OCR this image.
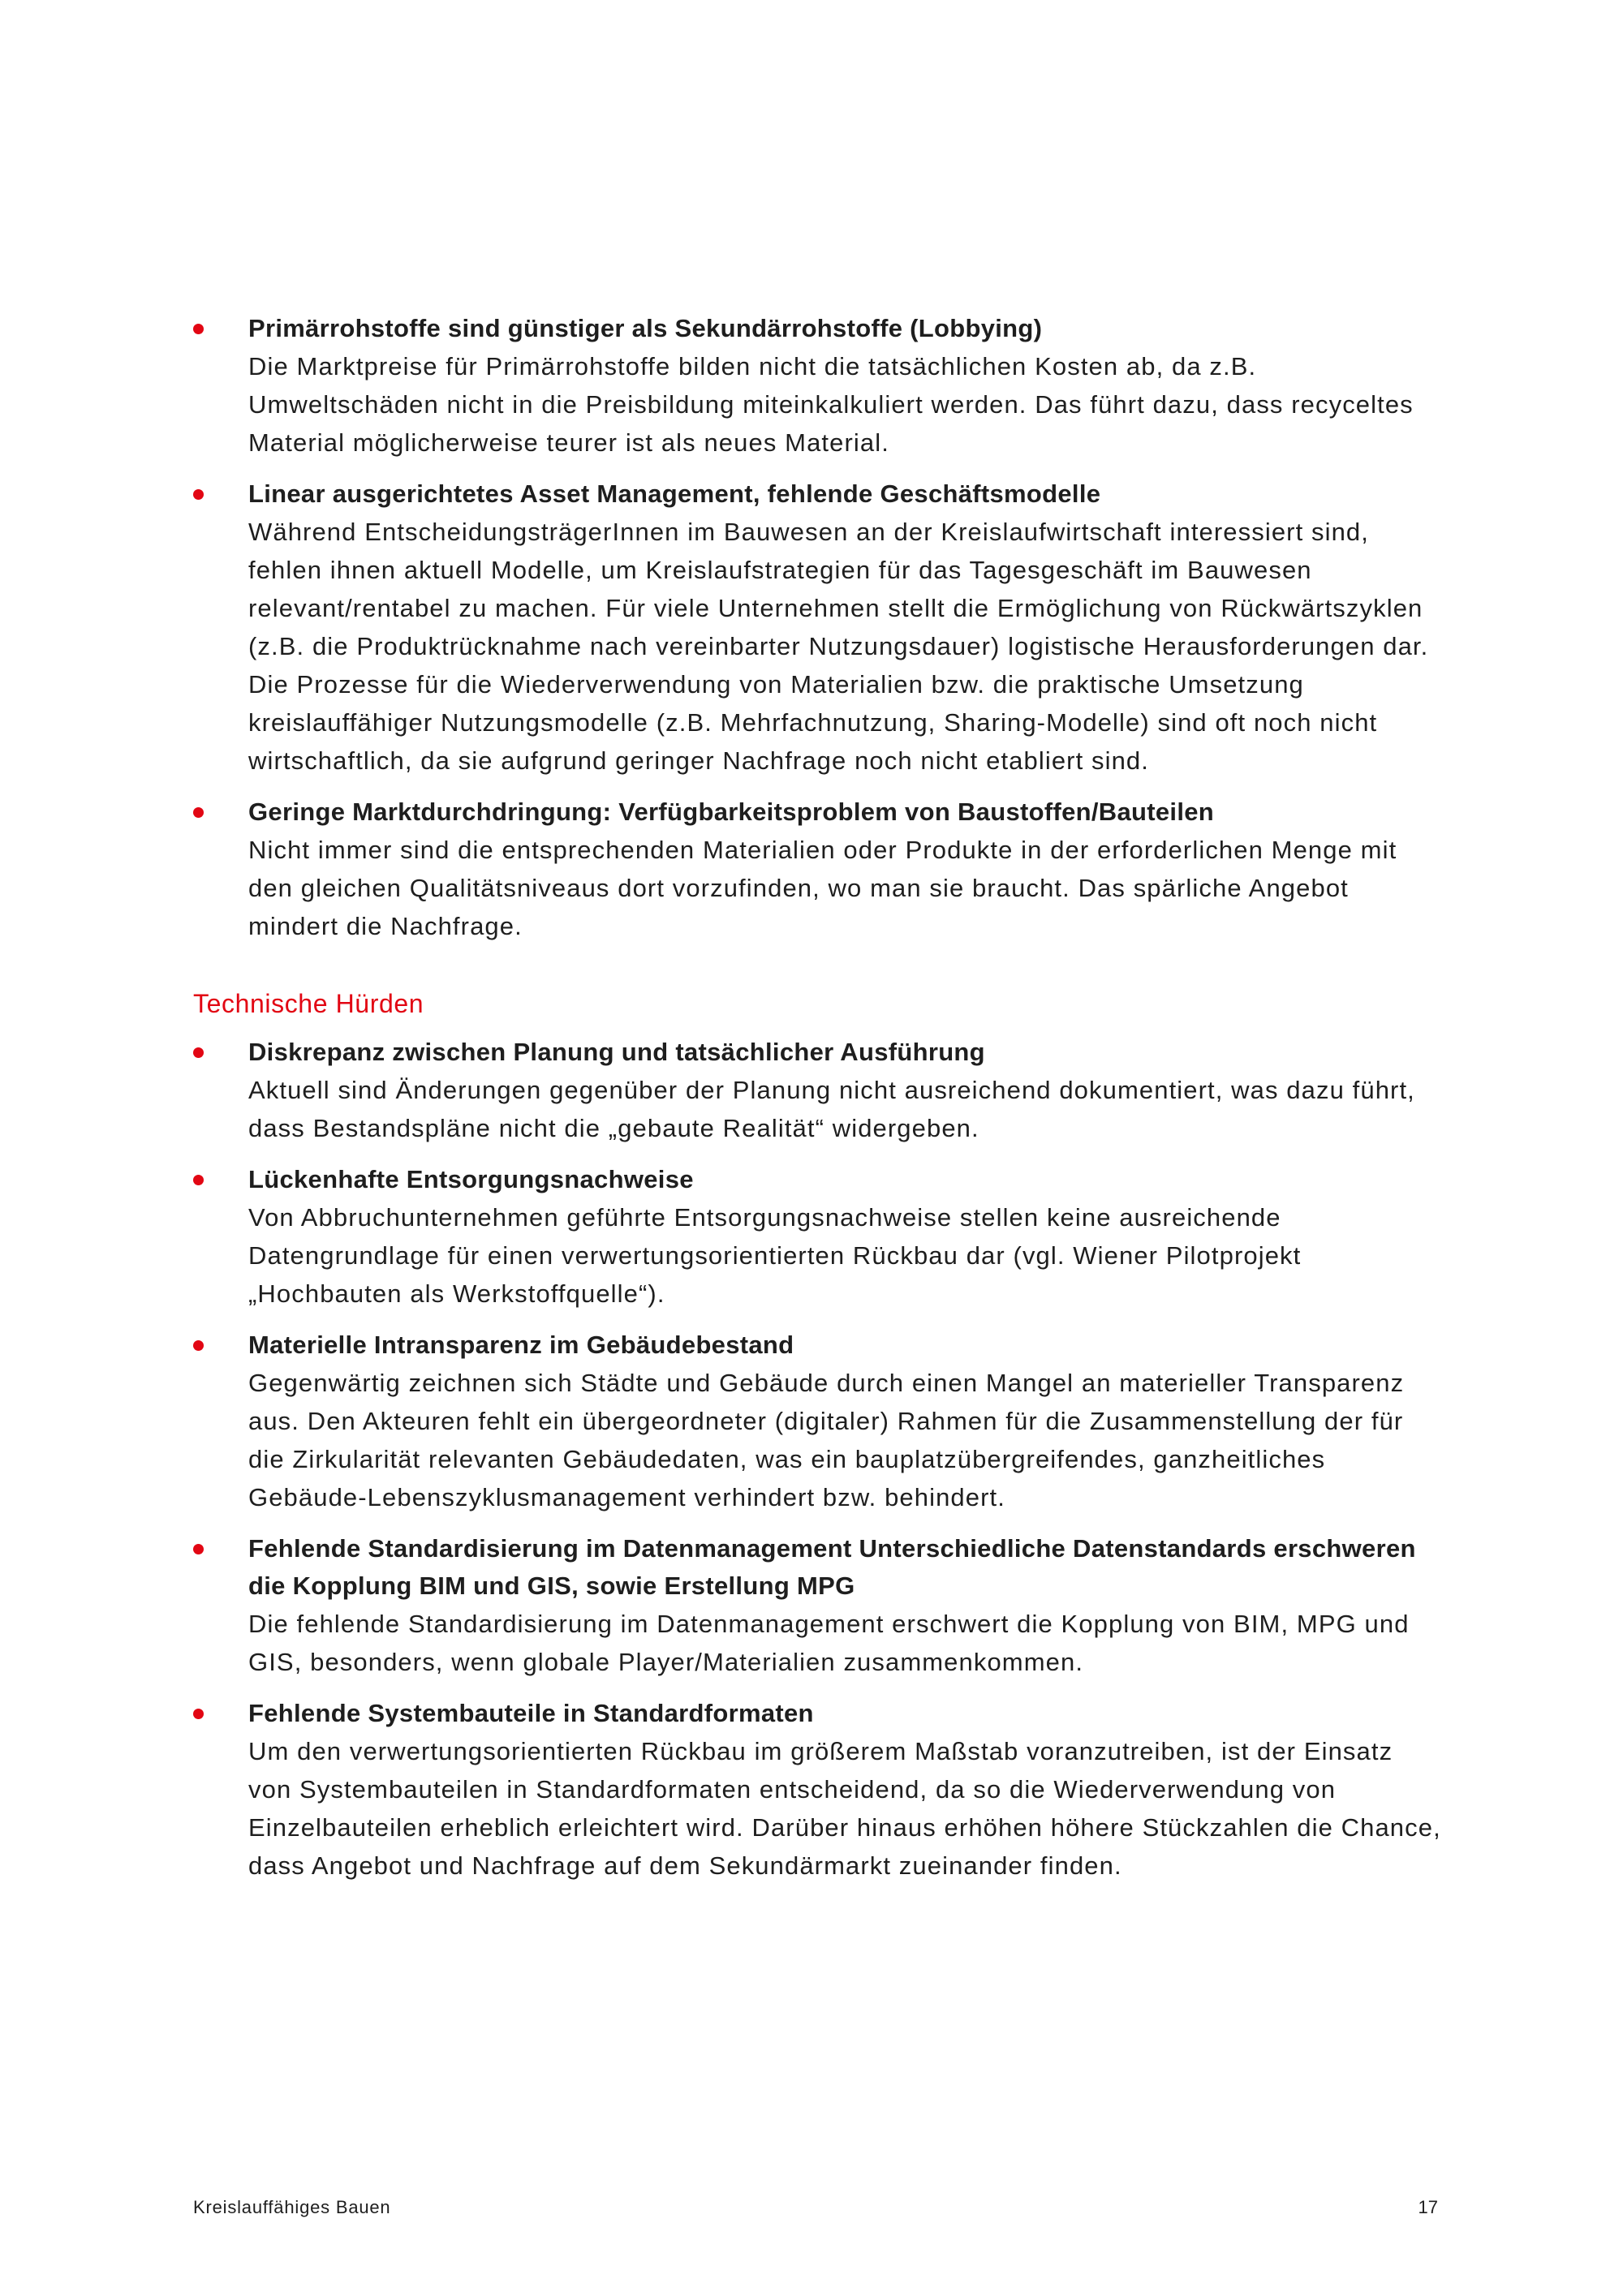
Primärrohstoffe sind günstiger als Sekundärrohstoffe (Lobbying)
Die Marktpreise für Primärrohstoffe bilden nicht die tatsächlichen Kosten ab, da z.B. Umweltschäden nicht in die Preisbildung miteinkalkuliert werden. Das führt dazu, dass recyceltes Material möglicherweise teurer ist als neues Material.
Linear ausgerichtetes Asset Management, fehlende Geschäftsmodelle
Während EntscheidungsträgerInnen im Bauwesen an der Kreislaufwirtschaft interessiert sind, fehlen ihnen aktuell Modelle, um Kreislaufstrategien für das Tagesgeschäft im Bauwesen relevant/rentabel zu machen. Für viele Unternehmen stellt die Ermöglichung von Rückwärtszyklen (z.B. die Produktrücknahme nach vereinbarter Nutzungsdauer) logistische Herausforderungen dar. Die Prozesse für die Wiederverwendung von Materialien bzw. die praktische Umsetzung kreislauffähiger Nutzungsmodelle (z.B. Mehrfachnutzung, Sharing-Modelle) sind oft noch nicht wirtschaftlich, da sie aufgrund geringer Nachfrage noch nicht etabliert sind.
Geringe Marktdurchdringung: Verfügbarkeitsproblem von Baustoffen/Bauteilen
Nicht immer sind die entsprechenden Materialien oder Produkte in der erforderlichen Menge mit den gleichen Qualitätsniveaus dort vorzufinden, wo man sie braucht. Das spärliche Angebot mindert die Nachfrage.
Technische Hürden
Diskrepanz zwischen Planung und tatsächlicher Ausführung
Aktuell sind Änderungen gegenüber der Planung nicht ausreichend dokumentiert, was dazu führt, dass Bestandspläne nicht die „gebaute Realität“ widergeben.
Lückenhafte Entsorgungsnachweise
Von Abbruchunternehmen geführte Entsorgungsnachweise stellen keine ausreichende Datengrundlage für einen verwertungsorientierten Rückbau dar (vgl. Wiener Pilotprojekt „Hochbauten als Werkstoffquelle“).
Materielle Intransparenz im Gebäudebestand
Gegenwärtig zeichnen sich Städte und Gebäude durch einen Mangel an materieller Transparenz aus. Den Akteuren fehlt ein übergeordneter (digitaler) Rahmen für die Zusammenstellung der für die Zirkularität relevanten Gebäudedaten, was ein bauplatzübergreifendes, ganzheitliches Gebäude-Lebenszyklusmanagement verhindert bzw. behindert.
Fehlende Standardisierung im Datenmanagement Unterschiedliche Datenstandards erschweren die Kopplung BIM und GIS, sowie Erstellung MPG
Die fehlende Standardisierung im Datenmanagement erschwert die Kopplung von BIM, MPG und GIS, besonders, wenn globale Player/Materialien zusammenkommen.
Fehlende Systembauteile in Standardformaten
Um den verwertungsorientierten Rückbau im größerem Maßstab voranzutreiben, ist der Einsatz von Systembauteilen in Standardformaten entscheidend, da so die Wiederverwendung von Einzelbauteilen erheblich erleichtert wird. Darüber hinaus erhöhen höhere Stückzahlen die Chance, dass Angebot und Nachfrage auf dem Sekundärmarkt zueinander finden.
Kreislauffähiges Bauen	17
